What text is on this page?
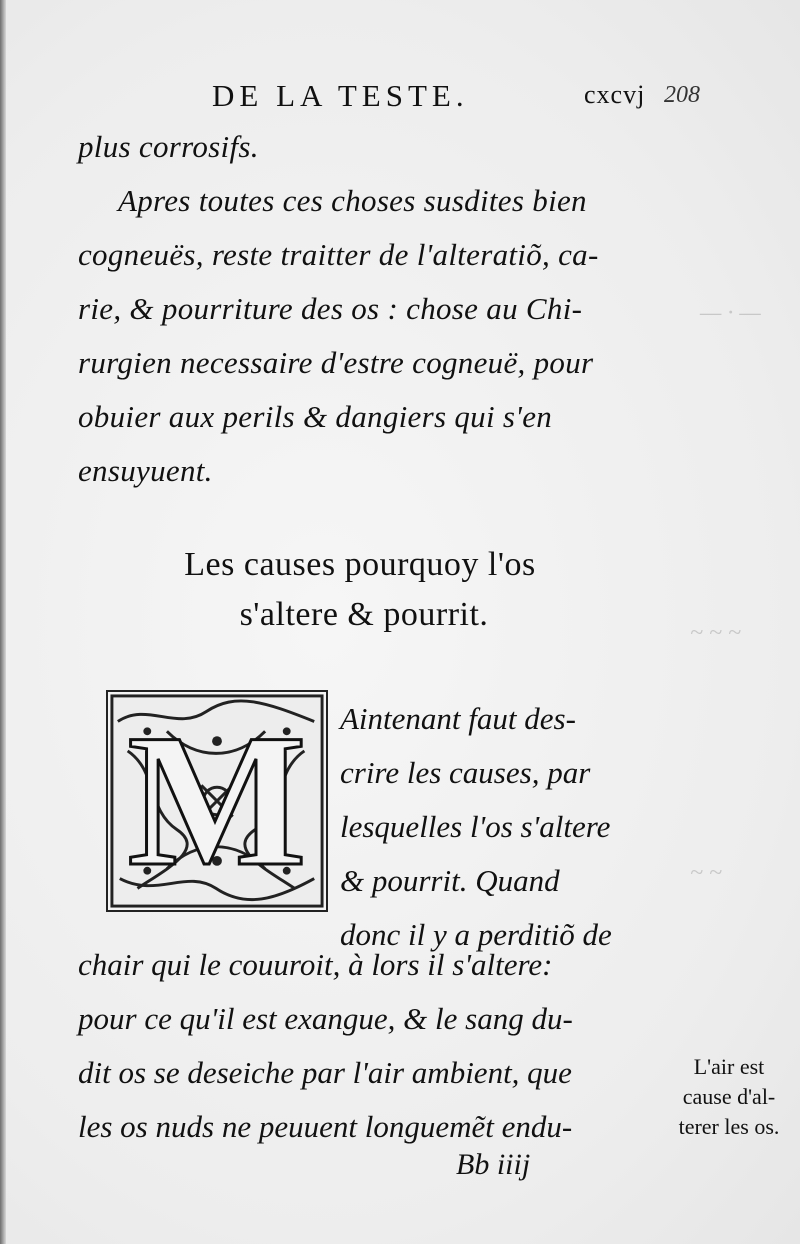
— · —
~ ~ ~
~ ~
DE LA TESTE.	cxcvj 208
plus corrosifs.
Apres toutes ces choses susdites bien
cogneuës, reste traitter de l'alteratiõ, ca-
rie, & pourriture des os : chose au Chi-
rurgien necessaire d'estre cogneuë, pour
obuier aux perils & dangiers qui s'en
ensuyuent.
Les causes pourquoy l'os
s'altere & pourrit.
M	Aintenant faut des-
crire les causes, par
lesquelles l'os s'altere
& pourrit. Quand
donc il y a perditiõ de
chair qui le couuroit, à lors il s'altere:
pour ce qu'il est exangue, & le sang du-
dit os se deseiche par l'air ambient, que
les os nuds ne peuuent longuemẽt endu-
L'air est
cause d'al-
terer les os.
Bb iiij
